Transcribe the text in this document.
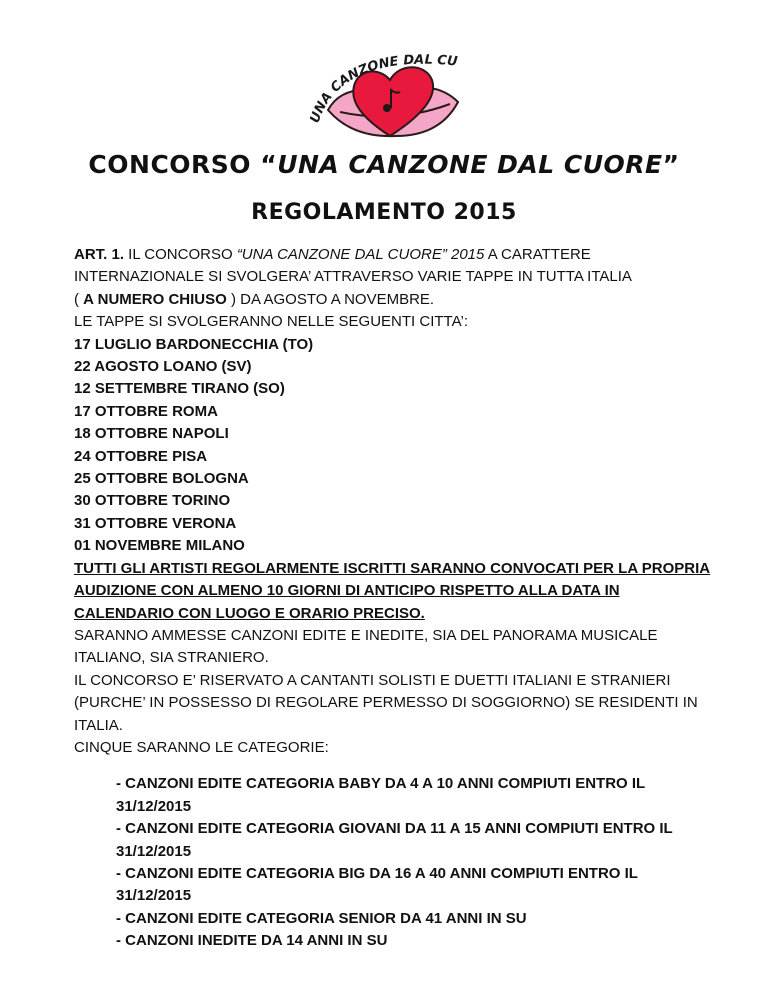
UNA CANZONE DAL CU
CONCORSO “UNA CANZONE DAL CUORE”
REGOLAMENTO 2015
ART. 1. IL CONCORSO “UNA CANZONE DAL CUORE” 2015 A CARATTERE
INTERNAZIONALE SI SVOLGERA’ ATTRAVERSO VARIE TAPPE IN TUTTA ITALIA
( A NUMERO CHIUSO ) DA AGOSTO A NOVEMBRE.
LE TAPPE SI SVOLGERANNO NELLE SEGUENTI CITTA’:
17 LUGLIO BARDONECCHIA (TO)
22 AGOSTO LOANO (SV)
12 SETTEMBRE TIRANO (SO)
17 OTTOBRE ROMA
18 OTTOBRE NAPOLI
24 OTTOBRE PISA
25 OTTOBRE BOLOGNA
30 OTTOBRE TORINO
31 OTTOBRE VERONA
01 NOVEMBRE MILANO
TUTTI GLI ARTISTI REGOLARMENTE ISCRITTI SARANNO CONVOCATI PER LA PROPRIA
AUDIZIONE CON ALMENO 10 GIORNI DI ANTICIPO RISPETTO ALLA DATA IN
CALENDARIO CON LUOGO E ORARIO PRECISO.
SARANNO AMMESSE CANZONI EDITE E INEDITE, SIA DEL PANORAMA MUSICALE
ITALIANO, SIA STRANIERO.
IL CONCORSO E’ RISERVATO A CANTANTI SOLISTI E DUETTI ITALIANI E STRANIERI
(PURCHE’ IN POSSESSO DI REGOLARE PERMESSO DI SOGGIORNO) SE RESIDENTI IN
ITALIA.
CINQUE SARANNO LE CATEGORIE:
- CANZONI EDITE CATEGORIA BABY DA 4 A 10 ANNI COMPIUTI ENTRO IL
31/12/2015
- CANZONI EDITE CATEGORIA GIOVANI DA 11 A 15 ANNI COMPIUTI ENTRO IL
31/12/2015
- CANZONI EDITE CATEGORIA BIG DA 16 A 40 ANNI COMPIUTI ENTRO IL
31/12/2015
- CANZONI EDITE CATEGORIA SENIOR DA 41 ANNI IN SU
- CANZONI INEDITE DA 14 ANNI IN SU
